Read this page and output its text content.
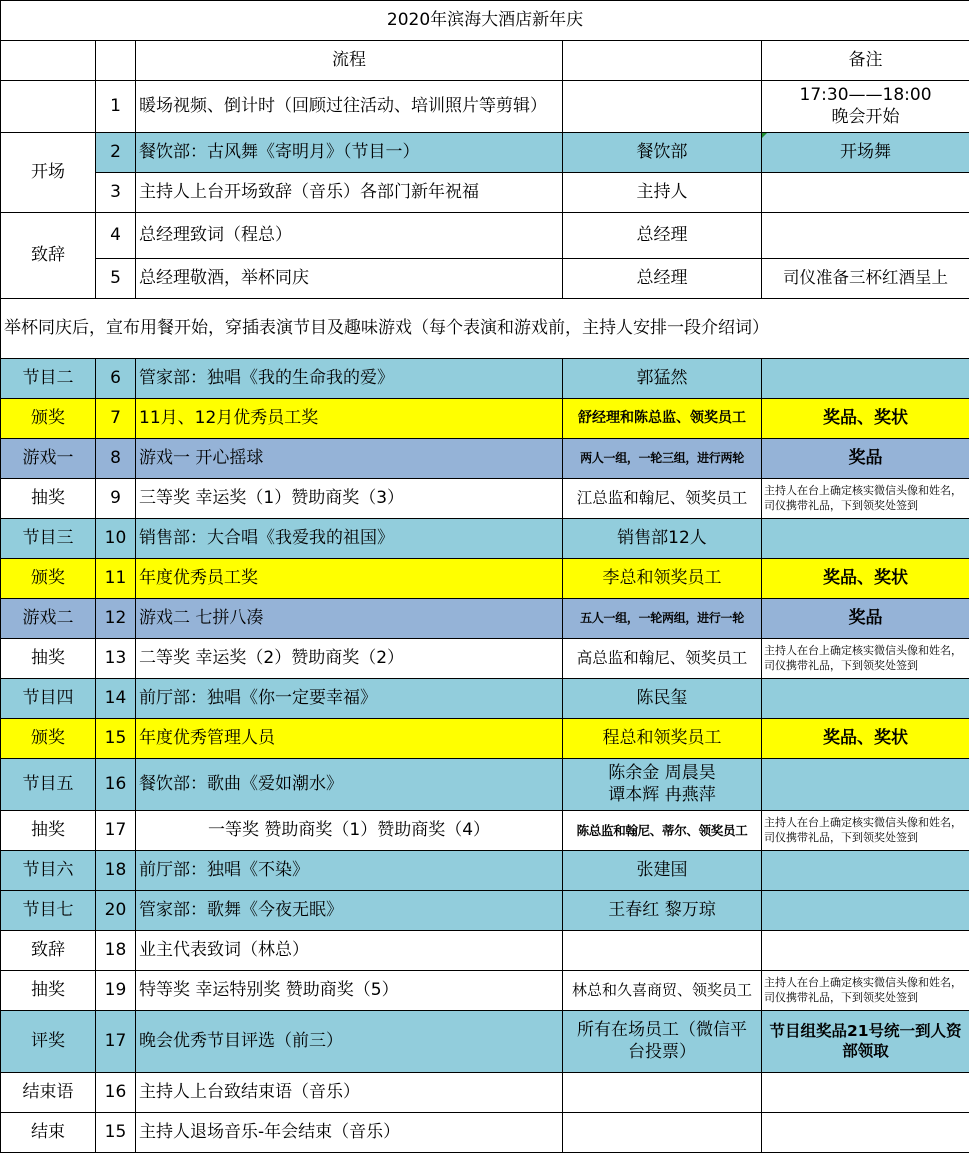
2020年滨海大酒店新年庆				
		流程		备注
	1	暖场视频、倒计时（回顾过往活动、培训照片等剪辑）		17:30——18:00
晚会开始
开场	2	餐饮部：古风舞《寄明月》（节目一）	餐饮部	开场舞
	3	主持人上台开场致辞（音乐）各部门新年祝福	主持人	
致辞	4	总经理致词（程总）	总经理	
	5	总经理敬酒，举杯同庆	总经理	司仪准备三杯红酒呈上
举杯同庆后，宣布用餐开始，穿插表演节目及趣味游戏（每个表演和游戏前，主持人安排一段介绍词）				
节目二	6	管家部：独唱《我的生命我的爱》	郭猛然	
颁奖	7	11月、12月优秀员工奖	舒经理和陈总监、领奖员工	奖品、奖状
游戏一	8	游戏一 开心摇球	两人一组，一轮三组，进行两轮	奖品
抽奖	9	三等奖 幸运奖（1）赞助商奖（3）	江总监和翰尼、领奖员工	主持人在台上确定核实微信头像和姓名，司仪携带礼品，下到领奖处签到
节目三	10	销售部：大合唱《我爱我的祖国》	销售部12人	
颁奖	11	年度优秀员工奖	李总和领奖员工	奖品、奖状
游戏二	12	游戏二 七拼八凑	五人一组，一轮两组，进行一轮	奖品
抽奖	13	二等奖 幸运奖（2）赞助商奖（2）	高总监和翰尼、领奖员工	主持人在台上确定核实微信头像和姓名，司仪携带礼品，下到领奖处签到
节目四	14	前厅部：独唱《你一定要幸福》	陈民玺	
颁奖	15	年度优秀管理人员	程总和领奖员工	奖品、奖状
节目五	16	餐饮部：歌曲《爱如潮水》	陈余金 周晨昊
谭本辉 冉燕萍	
抽奖	17	一等奖 赞助商奖（1）赞助商奖（4）	陈总监和翰尼、蒂尔、领奖员工	主持人在台上确定核实微信头像和姓名，司仪携带礼品，下到领奖处签到
节目六	18	前厅部：独唱《不染》	张建国	
节目七	20	管家部：歌舞《今夜无眠》	王春红 黎万琼	
致辞	18	业主代表致词（林总）		
抽奖	19	特等奖 幸运特别奖 赞助商奖（5）	林总和久喜商贸、领奖员工	主持人在台上确定核实微信头像和姓名，司仪携带礼品，下到领奖处签到
评奖	17	晚会优秀节目评选（前三）	所有在场员工（微信平台投票）	节目组奖品21号统一到人资部领取
结束语	16	主持人上台致结束语（音乐）		
结束	15	主持人退场音乐-年会结束（音乐）		
